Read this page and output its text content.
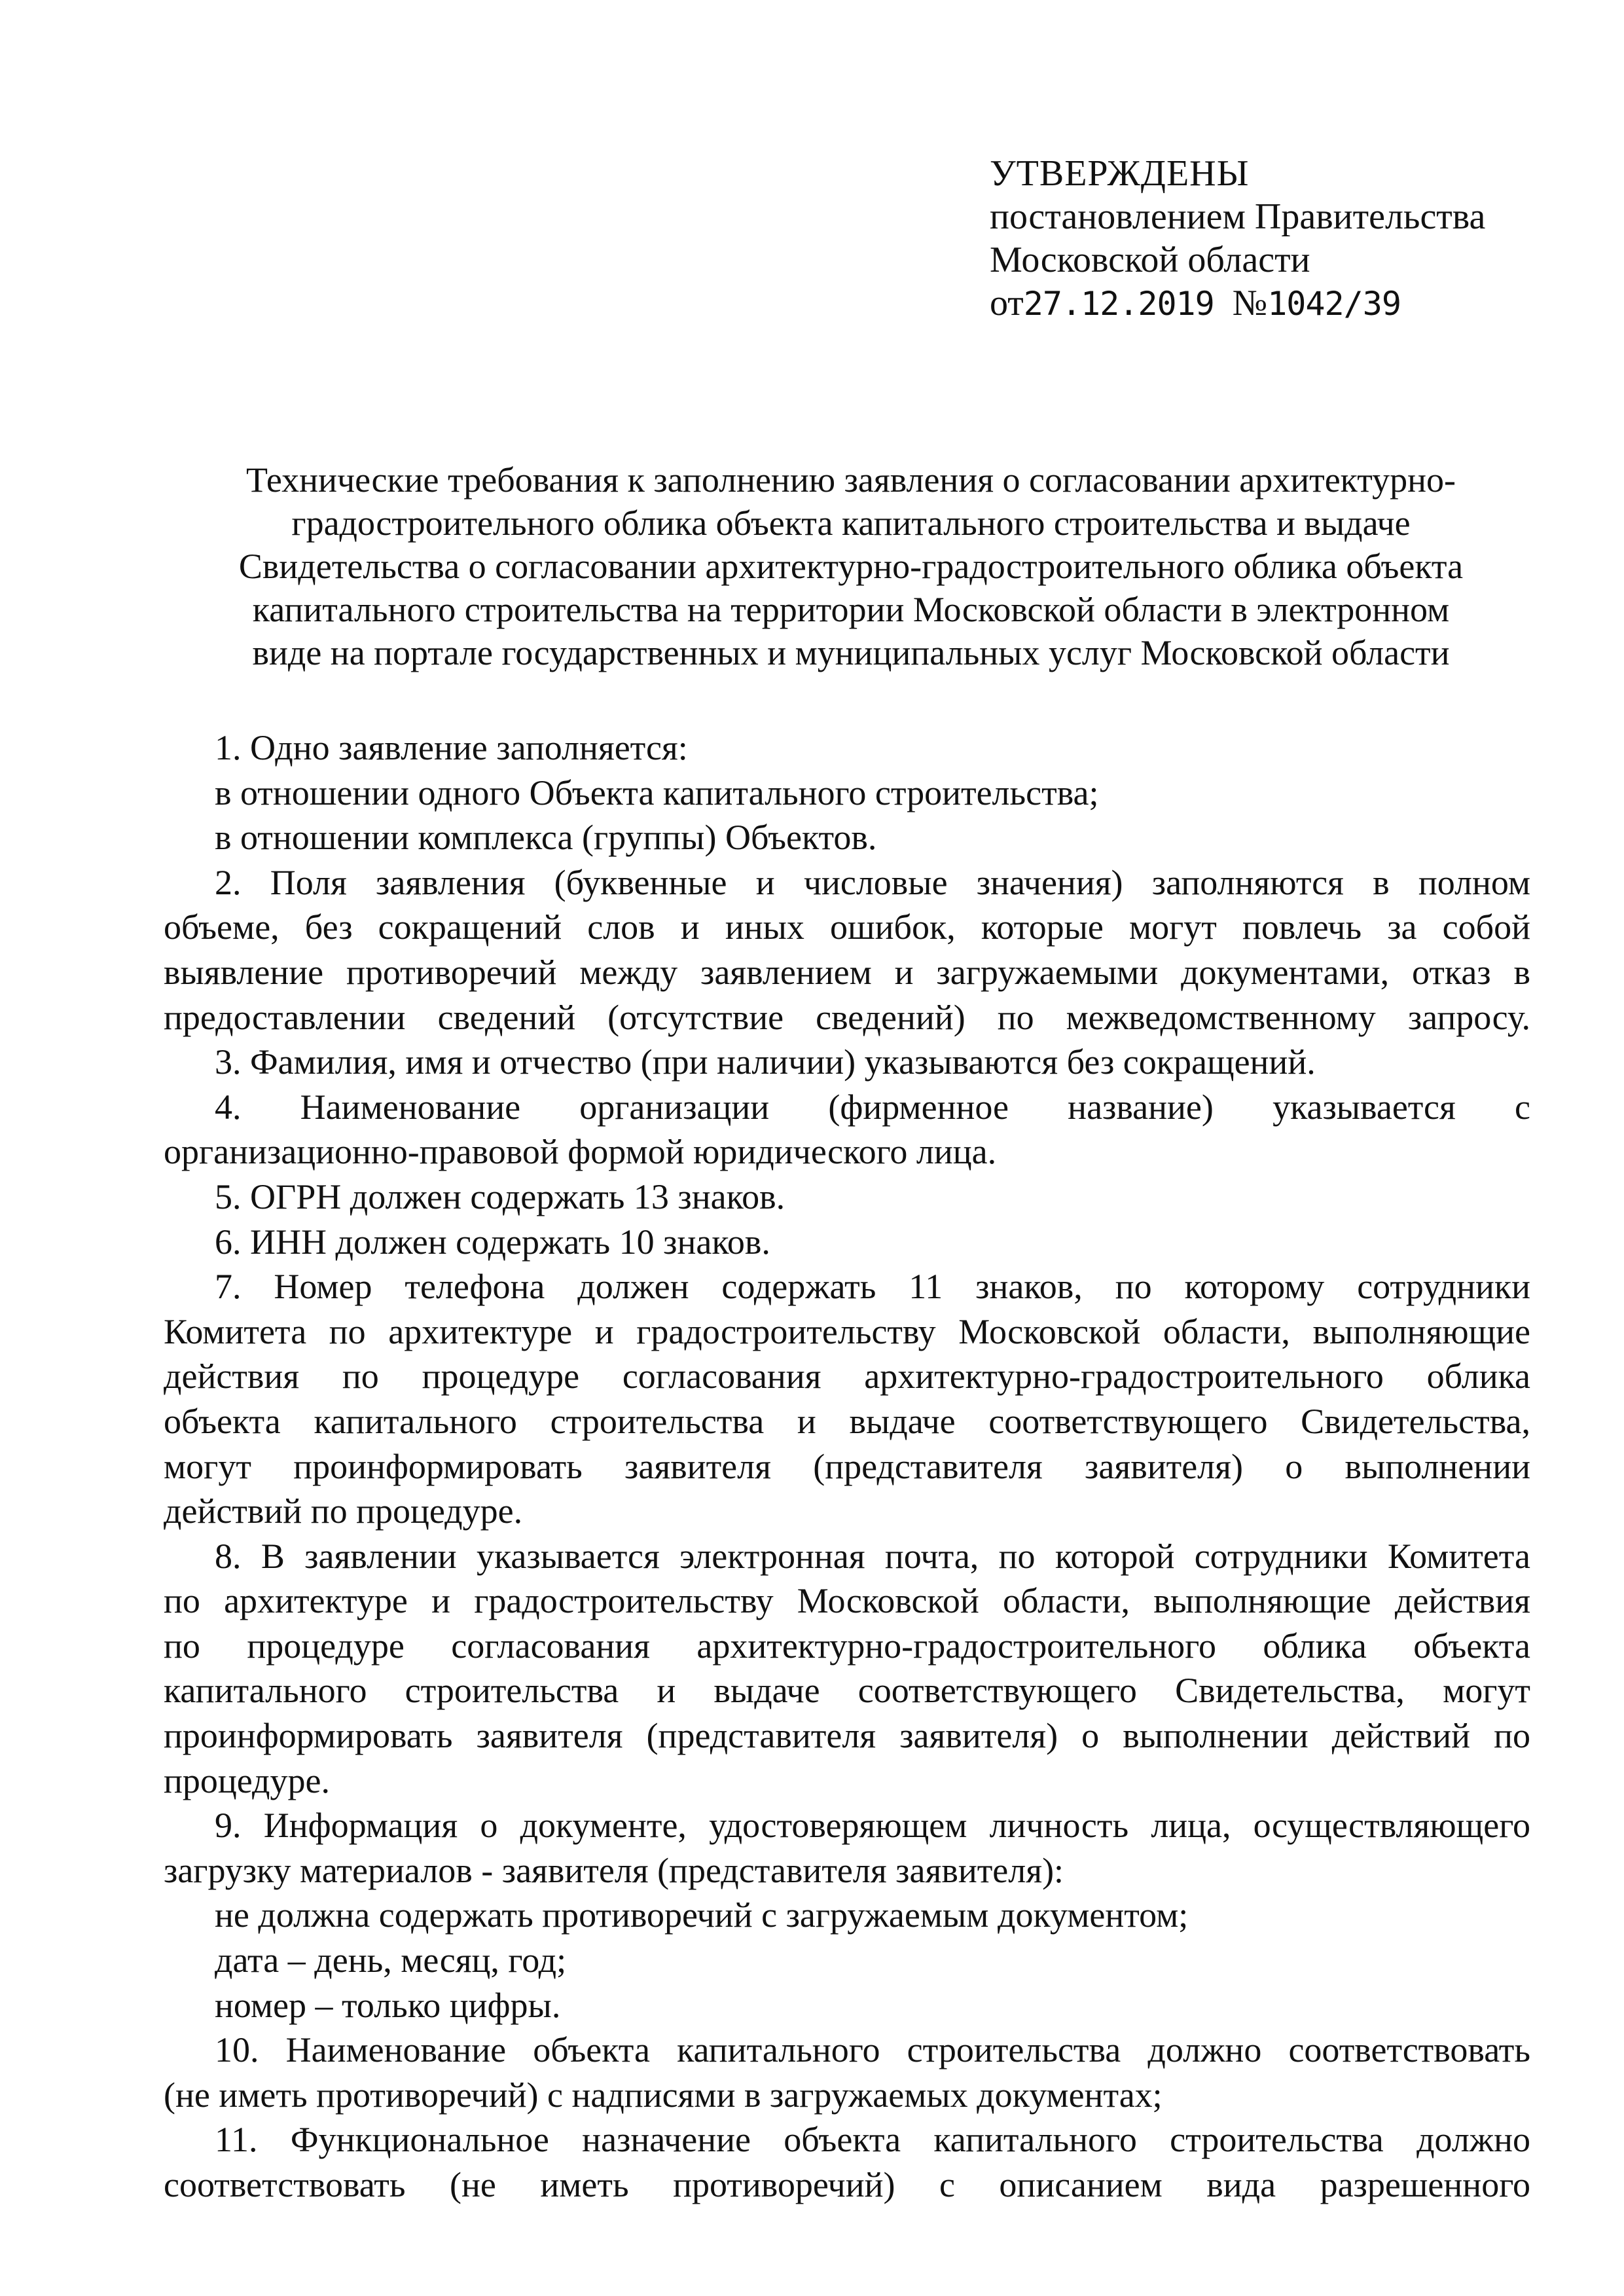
УТВЕРЖДЕНЫ
постановлением Правительства
Московской области
от27.12.2019 №1042/39
Технические требования к заполнению заявления о согласовании архитектурно-
градостроительного облика объекта капитального строительства и выдаче
Свидетельства о согласовании архитектурно-градостроительного облика объекта
капитального строительства на территории Московской области в электронном
виде на портале государственных и муниципальных услуг Московской области
1. Одно заявление заполняется:
в отношении одного Объекта капитального строительства;
в отношении комплекса (группы) Объектов.
2. Поля заявления (буквенные и числовые значения) заполняются в полном
объеме, без сокращений слов и иных ошибок, которые могут повлечь за собой
выявление противоречий между заявлением и загружаемыми документами, отказ в
предоставлении сведений (отсутствие сведений) по межведомственному запросу.
3. Фамилия, имя и отчество (при наличии) указываются без сокращений.
4. Наименование организации (фирменное название) указывается с
организационно-правовой формой юридического лица.
5. ОГРН должен содержать 13 знаков.
6. ИНН должен содержать 10 знаков.
7. Номер телефона должен содержать 11 знаков, по которому сотрудники
Комитета по архитектуре и градостроительству Московской области, выполняющие
действия по процедуре согласования архитектурно-градостроительного облика
объекта капитального строительства и выдаче соответствующего Свидетельства,
могут проинформировать заявителя (представителя заявителя) о выполнении
действий по процедуре.
8. В заявлении указывается электронная почта, по которой сотрудники Комитета
по архитектуре и градостроительству Московской области, выполняющие действия
по процедуре согласования архитектурно-градостроительного облика объекта
капитального строительства и выдаче соответствующего Свидетельства, могут
проинформировать заявителя (представителя заявителя) о выполнении действий по
процедуре.
9. Информация о документе, удостоверяющем личность лица, осуществляющего
загрузку материалов - заявителя (представителя заявителя):
не должна содержать противоречий с загружаемым документом;
дата – день, месяц, год;
номер – только цифры.
10. Наименование объекта капитального строительства должно соответствовать
(не иметь противоречий) с надписями в загружаемых документах;
11. Функциональное назначение объекта капитального строительства должно
соответствовать (не иметь противоречий) с описанием вида разрешенного
